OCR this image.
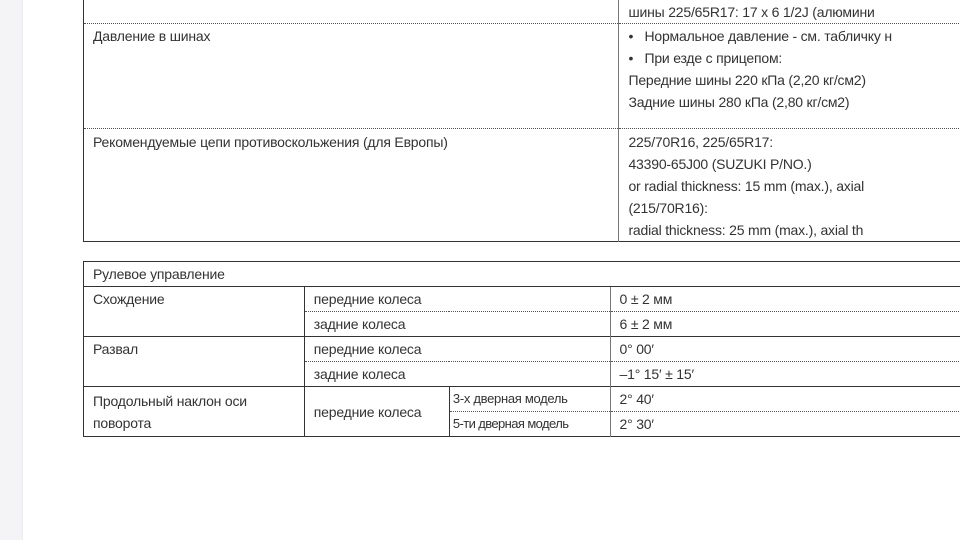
	шины 225/65R17: 17 x 6 1/2J (алюмини

Давление в шинах	• Нормальное давление - см. табличку н
• При езде с прицепом:
Передние шины 220 кПа (2,20 кг/см2)
Задние шины 280 кПа (2,80 кг/см2)

Рекомендуемые цепи противоскольжения (для Европы)	225/70R16, 225/65R17:
43390-65J00 (SUZUKI P/NO.)
or radial thickness: 15 mm (max.), axial
(215/70R16):
radial thickness: 25 mm (max.), axial th
Рулевое управление			
Схождение	передние колеса		0 ± 2 мм
	задние колеса		6 ± 2 мм
Развал	передние колеса		0° 00′
	задние колеса		–1° 15′ ± 15′
Продольный наклон оси поворота	передние колеса	3-х дверная модель	2° 40′
		5-ти дверная модель	2° 30′
